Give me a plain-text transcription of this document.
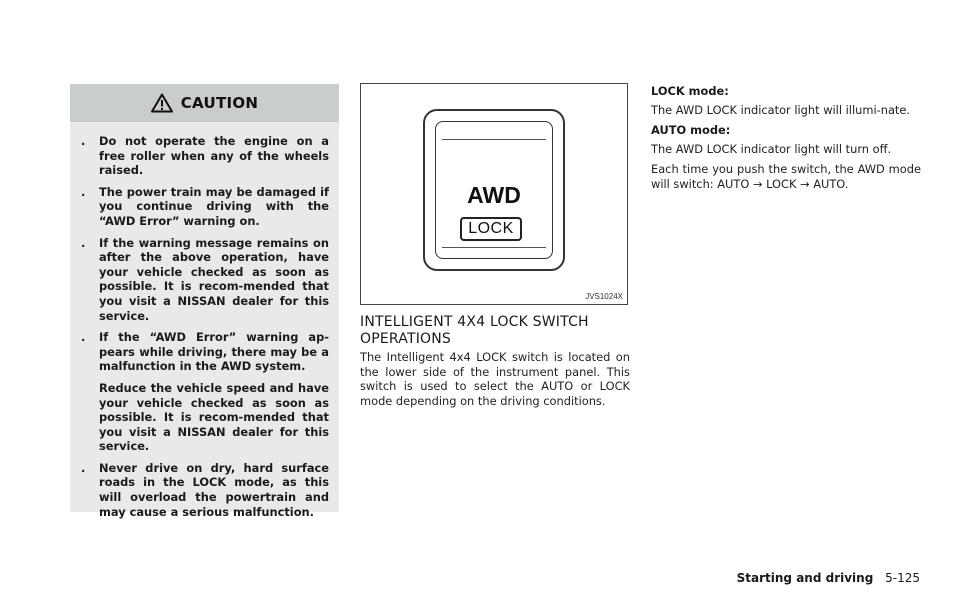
CAUTION
. Do not operate the engine on a free roller when any of the wheels raised.
. The power train may be damaged if you continue driving with the “AWD Error” warning on.
. If the warning message remains on after the above operation, have your vehicle checked as soon as possible. It is recom-mended that you visit a NISSAN dealer for this service.
. If the “AWD Error” warning ap-pears while driving, there may be a malfunction in the AWD system.
Reduce the vehicle speed and have your vehicle checked as soon as possible. It is recom-mended that you visit a NISSAN dealer for this service.
. Never drive on dry, hard surface roads in the LOCK mode, as this will overload the powertrain and may cause a serious malfunction.
AWD
LOCK
JVS1024X
INTELLIGENT 4X4 LOCK SWITCH OPERATIONS

The Intelligent 4x4 LOCK switch is located on the lower side of the instrument panel. This switch is used to select the AUTO or LOCK mode depending on the driving conditions.

LOCK mode:

The AWD LOCK indicator light will illumi-nate.

AUTO mode:

The AWD LOCK indicator light will turn off.

Each time you push the switch, the AWD mode will switch: AUTO → LOCK → AUTO.

Starting and driving 5-125
